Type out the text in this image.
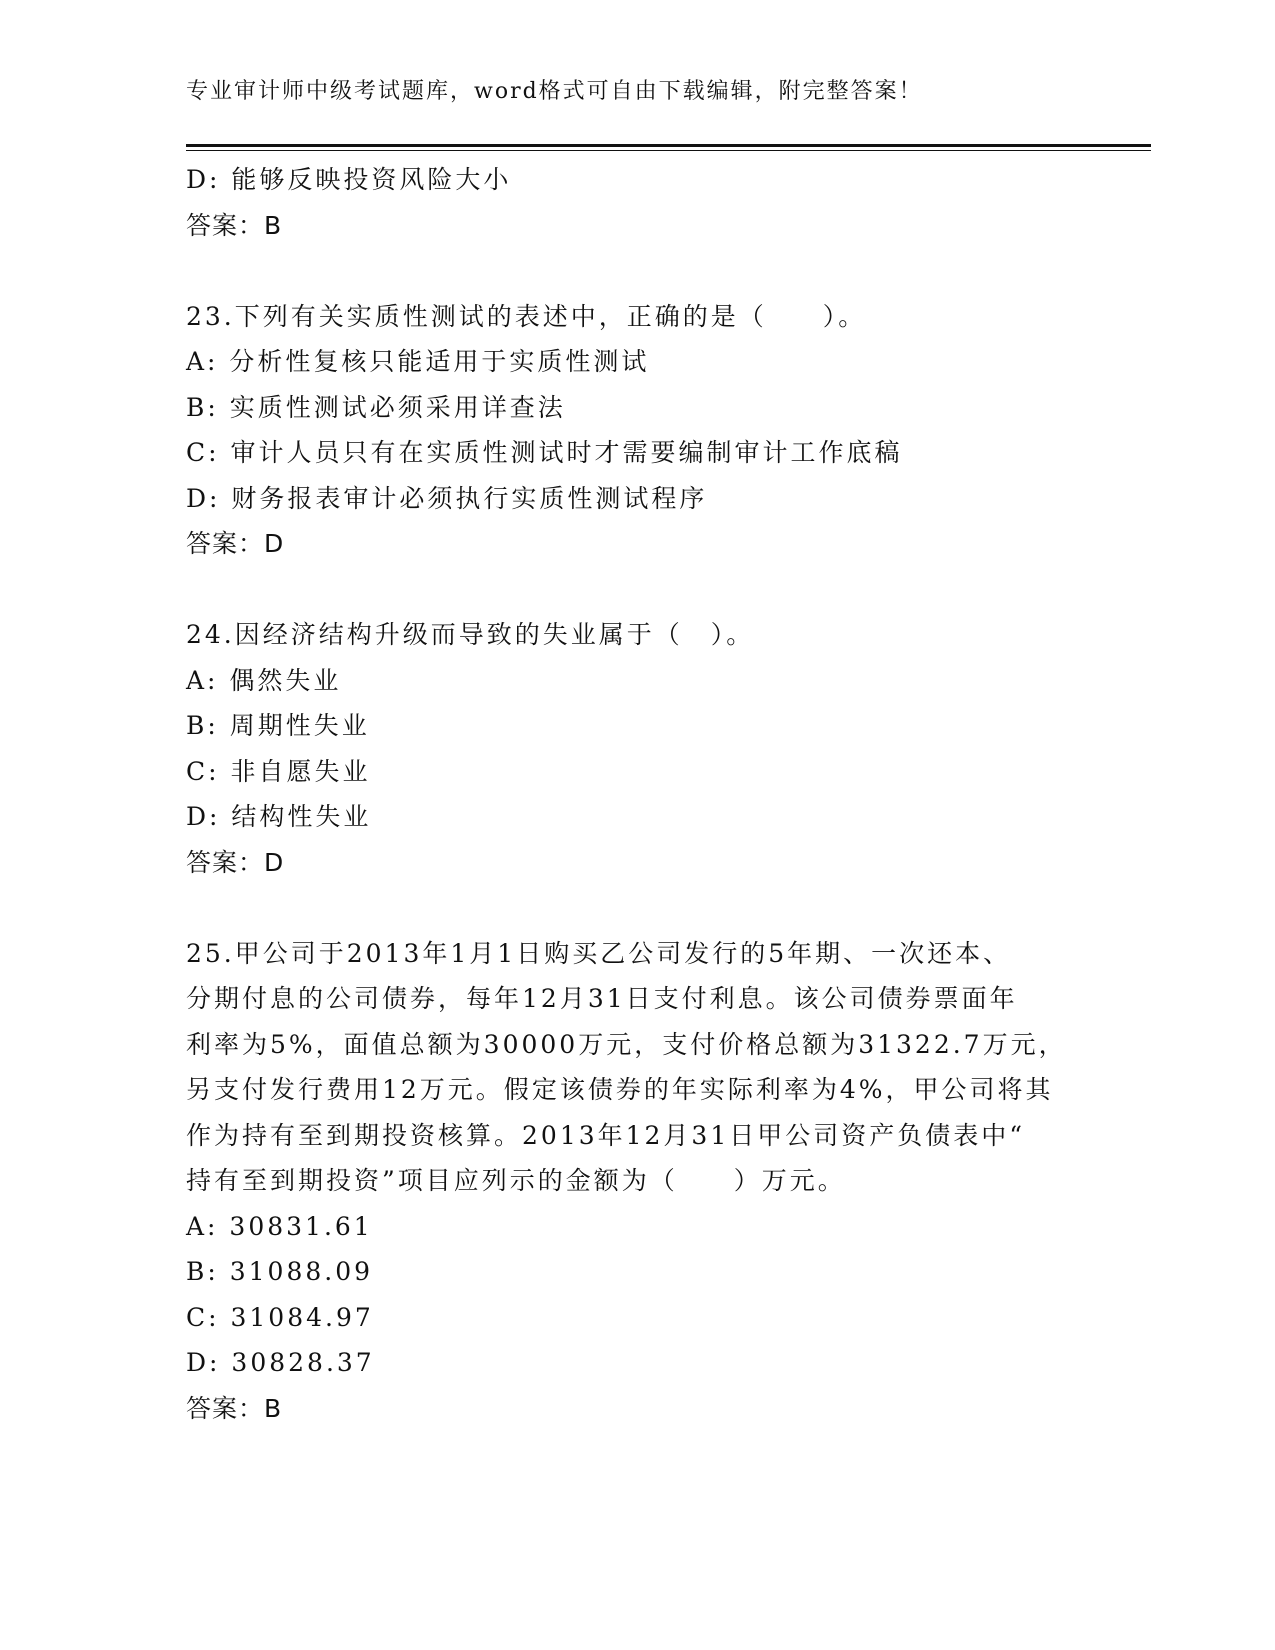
专业审计师中级考试题库，word格式可自由下载编辑，附完整答案！
D: 能够反映投资风险大小
答案：B
23.下列有关实质性测试的表述中，正确的是（　　）。
A: 分析性复核只能适用于实质性测试
B: 实质性测试必须采用详查法
C: 审计人员只有在实质性测试时才需要编制审计工作底稿
D: 财务报表审计必须执行实质性测试程序
答案：D
24.因经济结构升级而导致的失业属于（　）。
A: 偶然失业
B: 周期性失业
C: 非自愿失业
D: 结构性失业
答案：D
25.甲公司于2013年1月1日购买乙公司发行的5年期、一次还本、
分期付息的公司债券，每年12月31日支付利息。该公司债券票面年
利率为5%，面值总额为30000万元，支付价格总额为31322.7万元，
另支付发行费用12万元。假定该债券的年实际利率为4%，甲公司将其
作为持有至到期投资核算。2013年12月31日甲公司资产负债表中“
持有至到期投资”项目应列示的金额为（　　）万元。
A: 30831.61
B: 31088.09
C: 31084.97
D: 30828.37
答案：B
